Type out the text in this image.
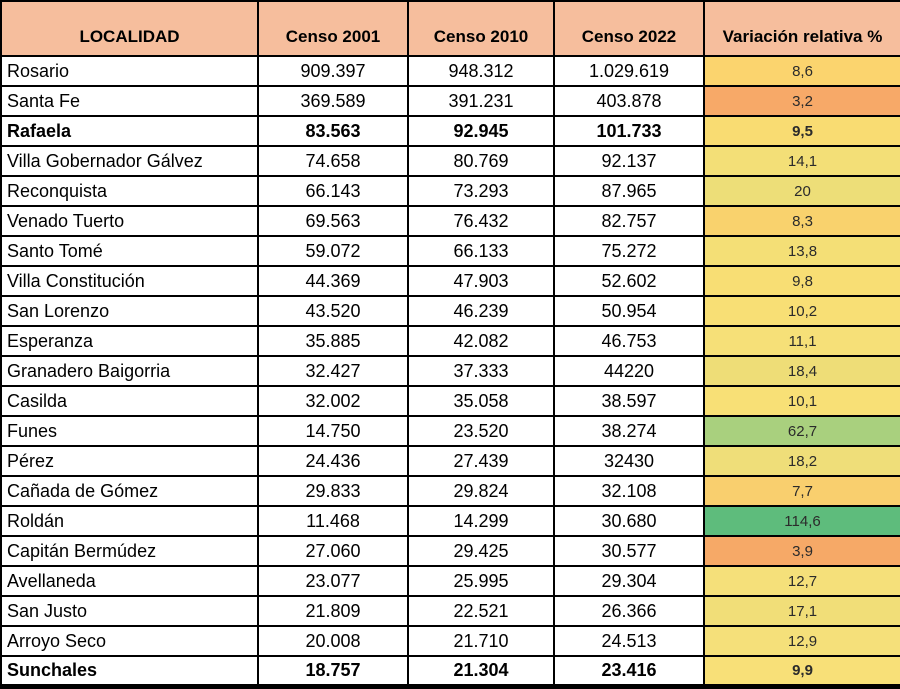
LOCALIDAD	Censo 2001	Censo 2010	Censo 2022	Variación relativa %
Rosario	909.397	948.312	1.029.619	8,6
Santa Fe	369.589	391.231	403.878	3,2
Rafaela	83.563	92.945	101.733	9,5
Villa Gobernador Gálvez	74.658	80.769	92.137	14,1
Reconquista	66.143	73.293	87.965	20
Venado Tuerto	69.563	76.432	82.757	8,3
Santo Tomé	59.072	66.133	75.272	13,8
Villa Constitución	44.369	47.903	52.602	9,8
San Lorenzo	43.520	46.239	50.954	10,2
Esperanza	35.885	42.082	46.753	11,1
Granadero Baigorria	32.427	37.333	44220	18,4
Casilda	32.002	35.058	38.597	10,1
Funes	14.750	23.520	38.274	62,7
Pérez	24.436	27.439	32430	18,2
Cañada de Gómez	29.833	29.824	32.108	7,7
Roldán	11.468	14.299	30.680	114,6
Capitán Bermúdez	27.060	29.425	30.577	3,9
Avellaneda	23.077	25.995	29.304	12,7
San Justo	21.809	22.521	26.366	17,1
Arroyo Seco	20.008	21.710	24.513	12,9
Sunchales	18.757	21.304	23.416	9,9
